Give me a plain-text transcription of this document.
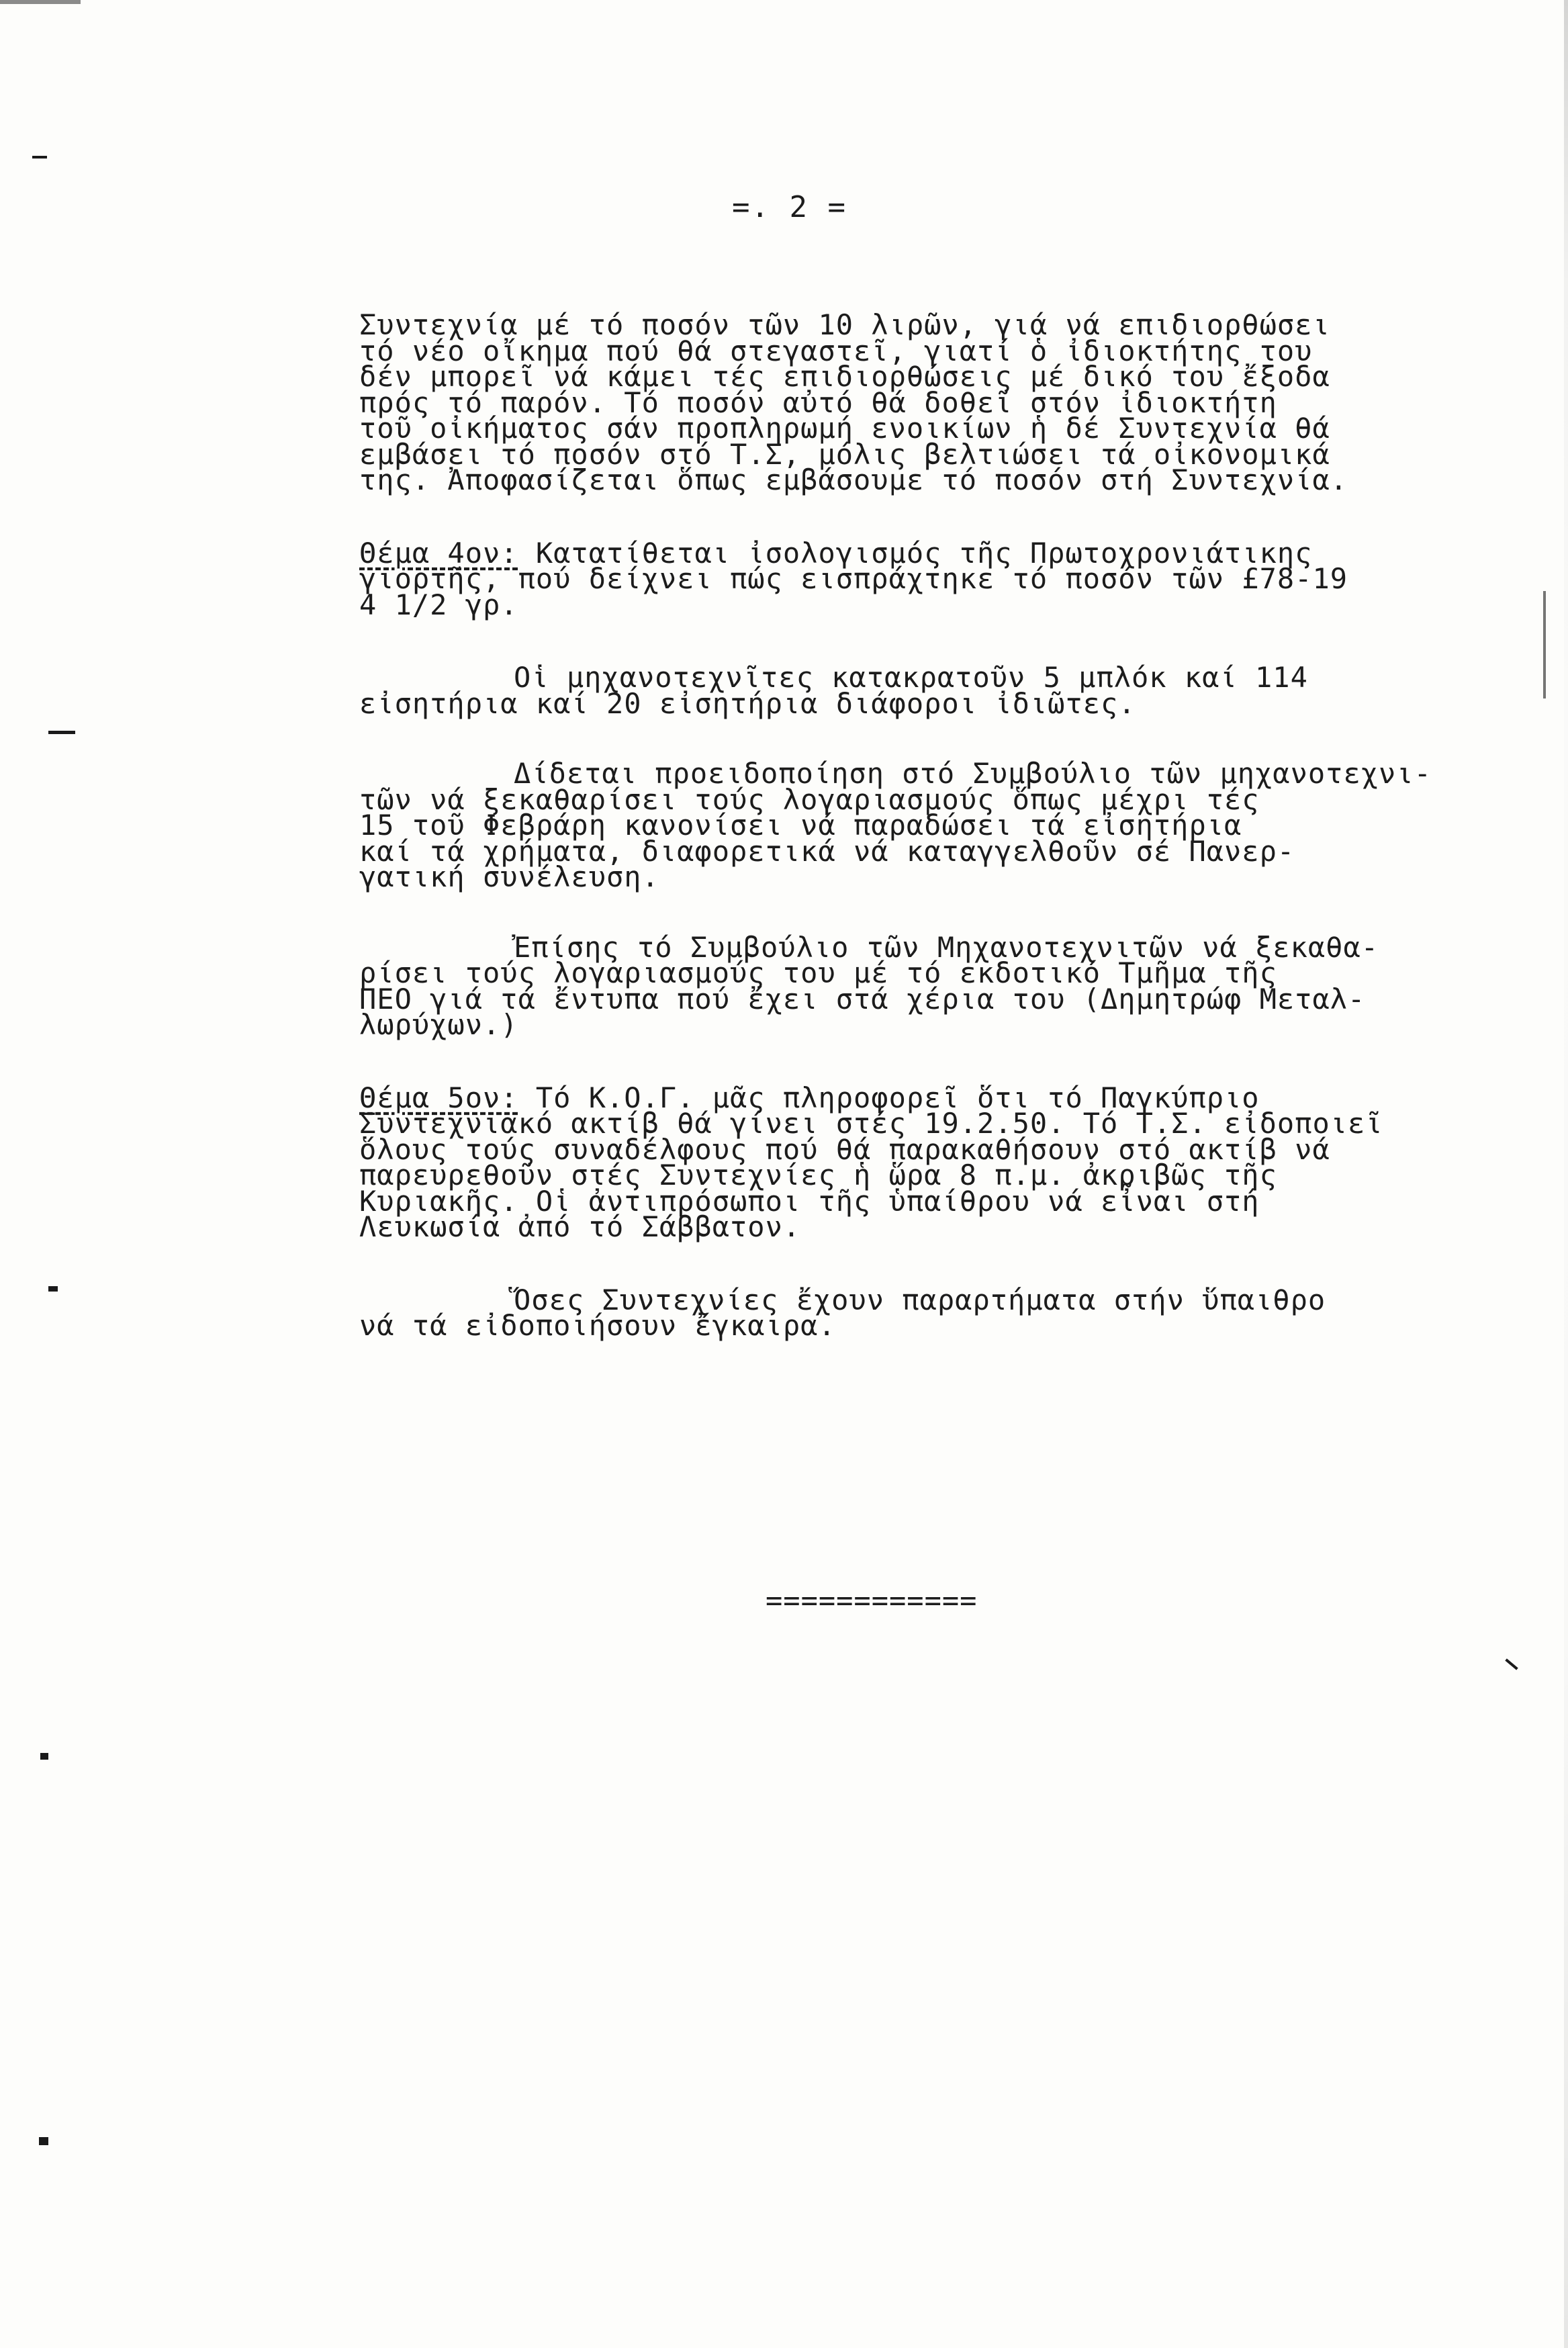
=. 2 =
Συντεχνία μέ τό ποσόν τῶν 10 λιρῶν, γιά νά επιδιορθώσει
τό νέο οἴκημα πού θά στεγαστεῖ, γιατί ὁ ἰδιοκτήτης του
δέν μπορεῖ νά κάμει τές επιδιορθώσεις μέ δικό του ἔξοδα
πρός τό παρόν. Τό ποσόν αὐτό θά δοθεῖ στόν ἰδιοκτήτη
τοῦ οἰκήματος σάν προπληρωμή ενοικίων ἡ δέ Συντεχνία θά
εμβάσει τό ποσόν στό Τ.Σ, μόλις βελτιώσει τά οἰκονομικά
της. Ἀποφασίζεται ὅπως εμβάσουμε τό ποσόν στή Συντεχνία.
Θέμα 4ον: Κατατίθεται ἰσολογισμός τῆς Πρωτοχρονιάτικης
γιορτῆς, πού δείχνει πώς εισπράχτηκε τό ποσόν τῶν £78-19
4 1/2 γρ.
Οἱ μηχανοτεχνῖτες κατακρατοῦν 5 μπλόκ καί 114
εἰσητήρια καί 20 εἰσητήρια διάφοροι ἰδιῶτες.
Δίδεται προειδοποίηση στό Συμβούλιο τῶν μηχανοτεχνι-
τῶν νά ξεκαθαρίσει τούς λογαριασμούς ὅπως μέχρι τές
15 τοῦ Φεβράρη κανονίσει νά παραδώσει τά εἰσητήρια
καί τά χρήματα, διαφορετικά νά καταγγελθοῦν σέ Πανερ-
γατική συνέλευση.
Ἐπίσης τό Συμβούλιο τῶν Μηχανοτεχνιτῶν νά ξεκαθα-
ρίσει τούς λογαριασμούς του μέ τό εκδοτικό Τμῆμα τῆς
ΠΕΟ γιά τά ἔντυπα πού ἔχει στά χέρια του (Δημητρώφ Μεταλ-
λωρύχων.)
Θέμα 5ον: Τό Κ.Ο.Γ. μᾶς πληροφορεῖ ὅτι τό Παγκύπριο
Συντεχνιακό ακτίβ θά γίνει στές 19.2.50. Τό Τ.Σ. εἰδοποιεῖ
ὅλους τούς συναδέλφους πού θά παρακαθήσουν στό ακτίβ νά
παρευρεθοῦν στές Συντεχνίες ἡ ὥρα 8 π.μ. ἀκριβῶς τῆς
Κυριακῆς. Οἱ ἀντιπρόσωποι τῆς ὑπαίθρου νά εἶναι στή
Λευκωσία ἀπό τό Σάββατον.
Ὅσες Συντεχνίες ἔχουν παραρτήματα στήν ὕπαιθρο
νά τά εἰδοποιήσουν ἔγκαιρα.
============
